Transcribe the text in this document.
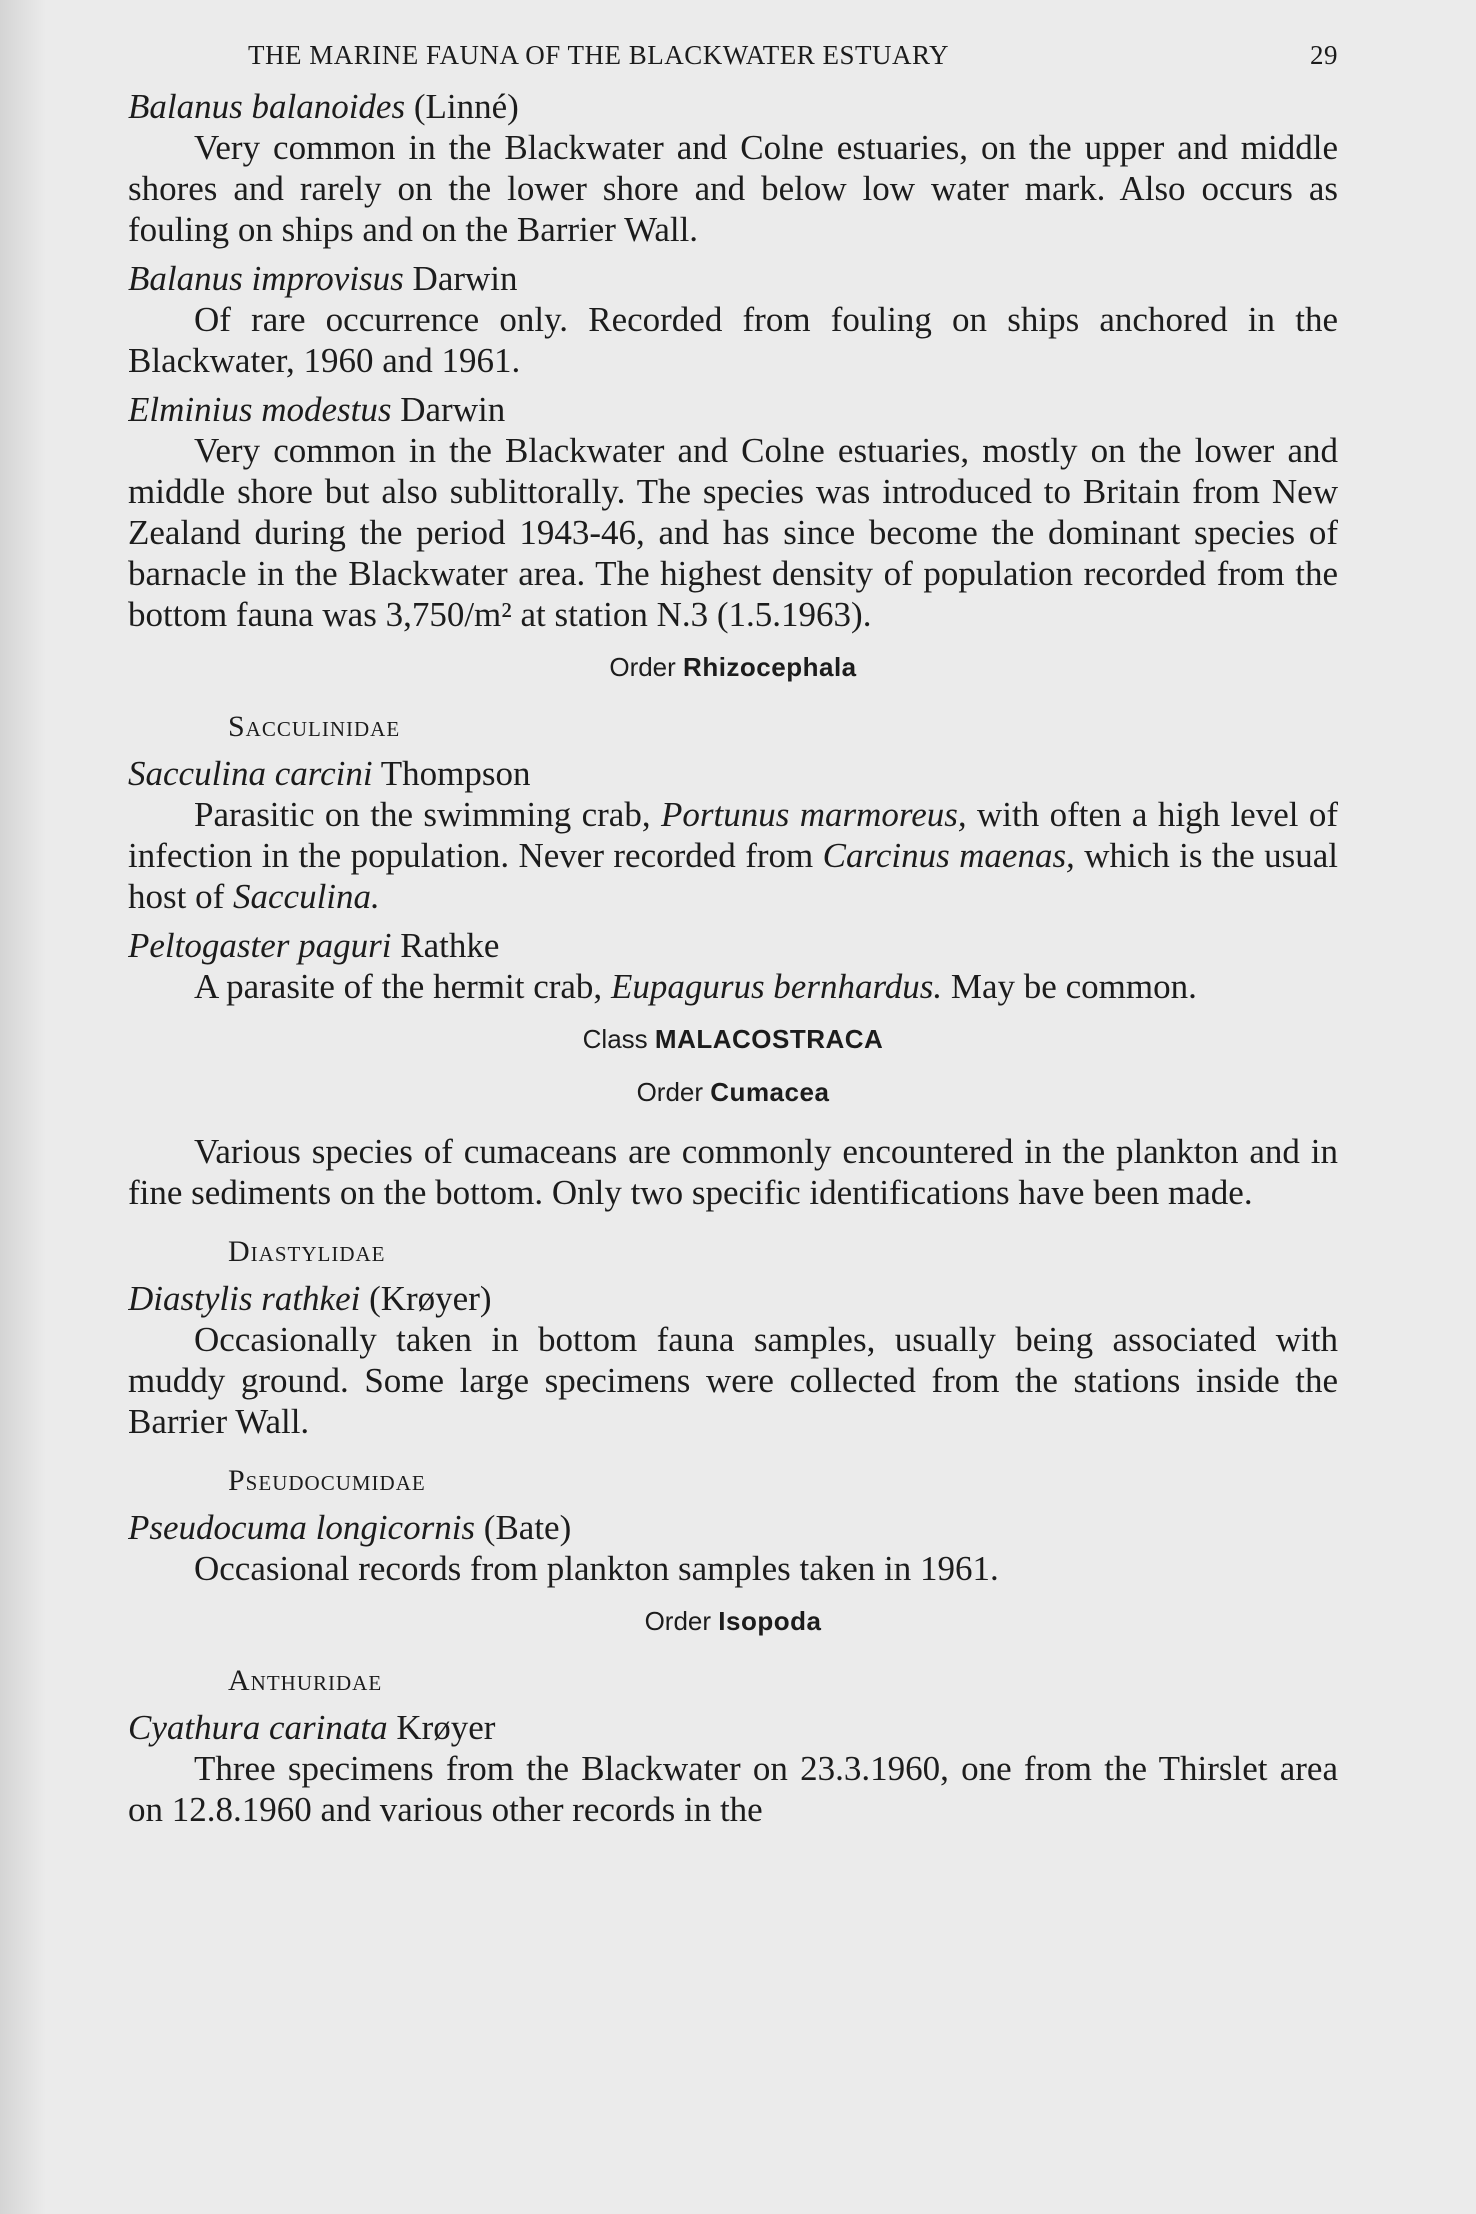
THE MARINE FAUNA OF THE BLACKWATER ESTUARY	29

Balanus balanoides (Linné)

Very common in the Blackwater and Colne estuaries, on the upper and middle shores and rarely on the lower shore and below low water mark. Also occurs as fouling on ships and on the Barrier Wall.

Balanus improvisus Darwin

Of rare occurrence only. Recorded from fouling on ships anchored in the Blackwater, 1960 and 1961.

Elminius modestus Darwin

Very common in the Blackwater and Colne estuaries, mostly on the lower and middle shore but also sublittorally. The species was introduced to Britain from New Zealand during the period 1943-46, and has since become the dominant species of barnacle in the Blackwater area. The highest density of population recorded from the bottom fauna was 3,750/m² at station N.3 (1.5.1963).

Order Rhizocephala
Sacculinidae

Sacculina carcini Thompson

Parasitic on the swimming crab, Portunus marmoreus, with often a high level of infection in the population. Never recorded from Carcinus maenas, which is the usual host of Sacculina.

Peltogaster paguri Rathke

A parasite of the hermit crab, Eupagurus bernhardus. May be common.

Class MALACOSTRACA
Order Cumacea

Various species of cumaceans are commonly encountered in the plankton and in fine sediments on the bottom. Only two specific identifications have been made.

Diastylidae

Diastylis rathkei (Krøyer)

Occasionally taken in bottom fauna samples, usually being associated with muddy ground. Some large specimens were collected from the stations inside the Barrier Wall.

Pseudocumidae

Pseudocuma longicornis (Bate)

Occasional records from plankton samples taken in 1961.

Order Isopoda
Anthuridae

Cyathura carinata Krøyer

Three specimens from the Blackwater on 23.3.1960, one from the Thirslet area on 12.8.1960 and various other records in the
